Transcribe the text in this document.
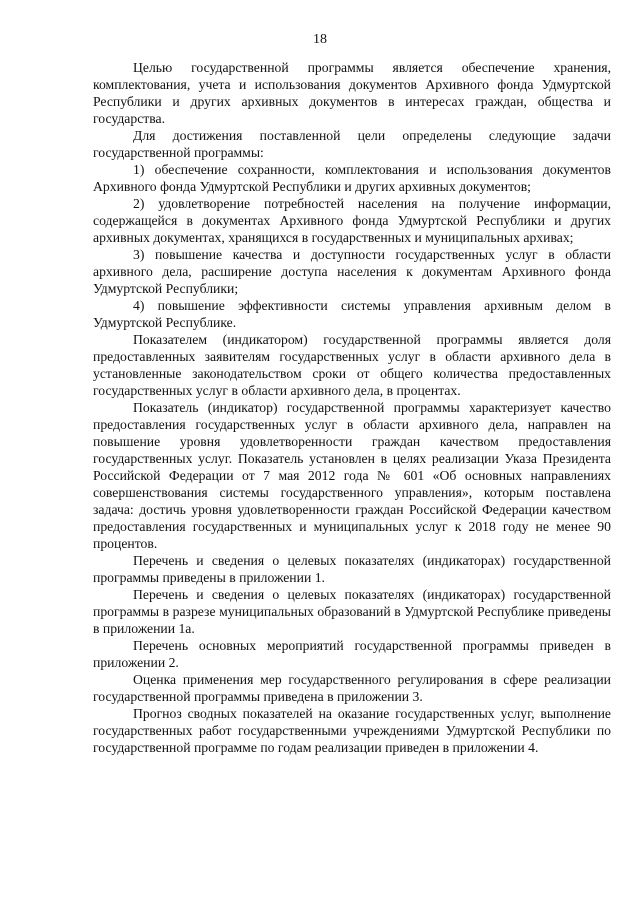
18

Целью государственной программы является обеспечение хранения, комплектования, учета и использования документов Архивного фонда Удмуртской Республики и других архивных документов в интересах граждан, общества и государства.

Для достижения поставленной цели определены следующие задачи государственной программы:

1) обеспечение сохранности, комплектования и использования документов Архивного фонда Удмуртской Республики и других архивных документов;

2) удовлетворение потребностей населения на получение информации, содержащейся в документах Архивного фонда Удмуртской Республики и других архивных документах, хранящихся в государственных и муниципальных архивах;

3) повышение качества и доступности государственных услуг в области архивного дела, расширение доступа населения к документам Архивного фонда Удмуртской Республики;

4) повышение эффективности системы управления архивным делом в Удмуртской Республике.

Показателем (индикатором) государственной программы является доля предоставленных заявителям государственных услуг в области архивного дела в установленные законодательством сроки от общего количества предоставленных государственных услуг в области архивного дела, в процентах.

Показатель (индикатор) государственной программы характеризует качество предоставления государственных услуг в области архивного дела, направлен на повышение уровня удовлетворенности граждан качеством предоставления государственных услуг. Показатель установлен в целях реализации Указа Президента Российской Федерации от 7 мая 2012 года № 601 «Об основных направлениях совершенствования системы государственного управления», которым поставлена задача: достичь уровня удовлетворенности граждан Российской Федерации качеством предоставления государственных и муниципальных услуг к 2018 году не менее 90 процентов.

Перечень и сведения о целевых показателях (индикаторах) государственной программы приведены в приложении 1.

Перечень и сведения о целевых показателях (индикаторах) государственной программы в разрезе муниципальных образований в Удмуртской Республике приведены в приложении 1а.

Перечень основных мероприятий государственной программы приведен в приложении 2.

Оценка применения мер государственного регулирования в сфере реализации государственной программы приведена в приложении 3.

Прогноз сводных показателей на оказание государственных услуг, выполнение государственных работ государственными учреждениями Удмуртской Республики по государственной программе по годам реализации приведен в приложении 4.
